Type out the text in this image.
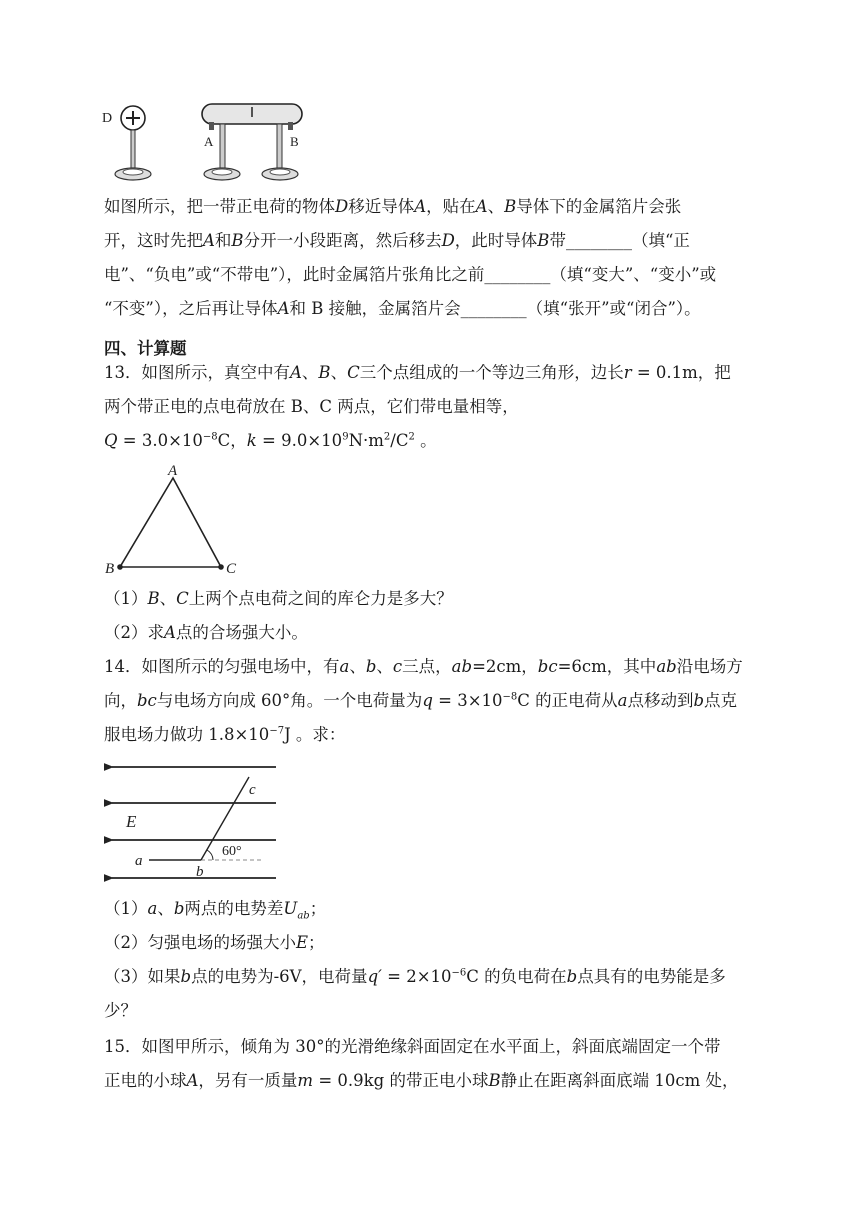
D
A	B
如图所示，把一带正电荷的物体D移近导体A，贴在A、B导体下的金属箔片会张
开，这时先把A和B分开一小段距离，然后移去D，此时导体B带________（填“正
电”、“负电”或“不带电”），此时金属箔片张角比之前________（填“变大”、“变小”或
“不变”），之后再让导体A和 B 接触，金属箔片会________（填“张开”或“闭合”）。
四、计算题
13．如图所示，真空中有A、B、C三个点组成的一个等边三角形，边长r = 0.1m，把
两个带正电的点电荷放在 B、C 两点，它们带电量相等，
$Q = 3.0\times 10^{-8}C$，$k = 9.0\times 10^9N\cdot m^2/C^2$ 。
A
B	C
（1）B、C上两个点电荷之间的库仑力是多大？
（2）求A点的合场强大小。
14．如图所示的匀强电场中，有a、b、c三点，ab=2cm，bc=6cm，其中ab沿电场方
向，bc与电场方向成 60°角。一个电荷量为$q = 3\times 10^{-8}C$ 的正电荷从a点移动到b点克
服电场力做功 $1.8\times 10^{-7}J$ 。求：
E
a
b
c
60°
（1）a、b两点的电势差$U_{ab}$；
（2）匀强电场的场强大小E；
（3）如果b点的电势为-6V，电荷量$q' = 2\times 10^{-6}C$ 的负电荷在b点具有的电势能是多
少？
15．如图甲所示，倾角为 30°的光滑绝缘斜面固定在水平面上，斜面底端固定一个带
正电的小球A，另有一质量m = 0.9kg 的带正电小球B静止在距离斜面底端 10cm 处，
